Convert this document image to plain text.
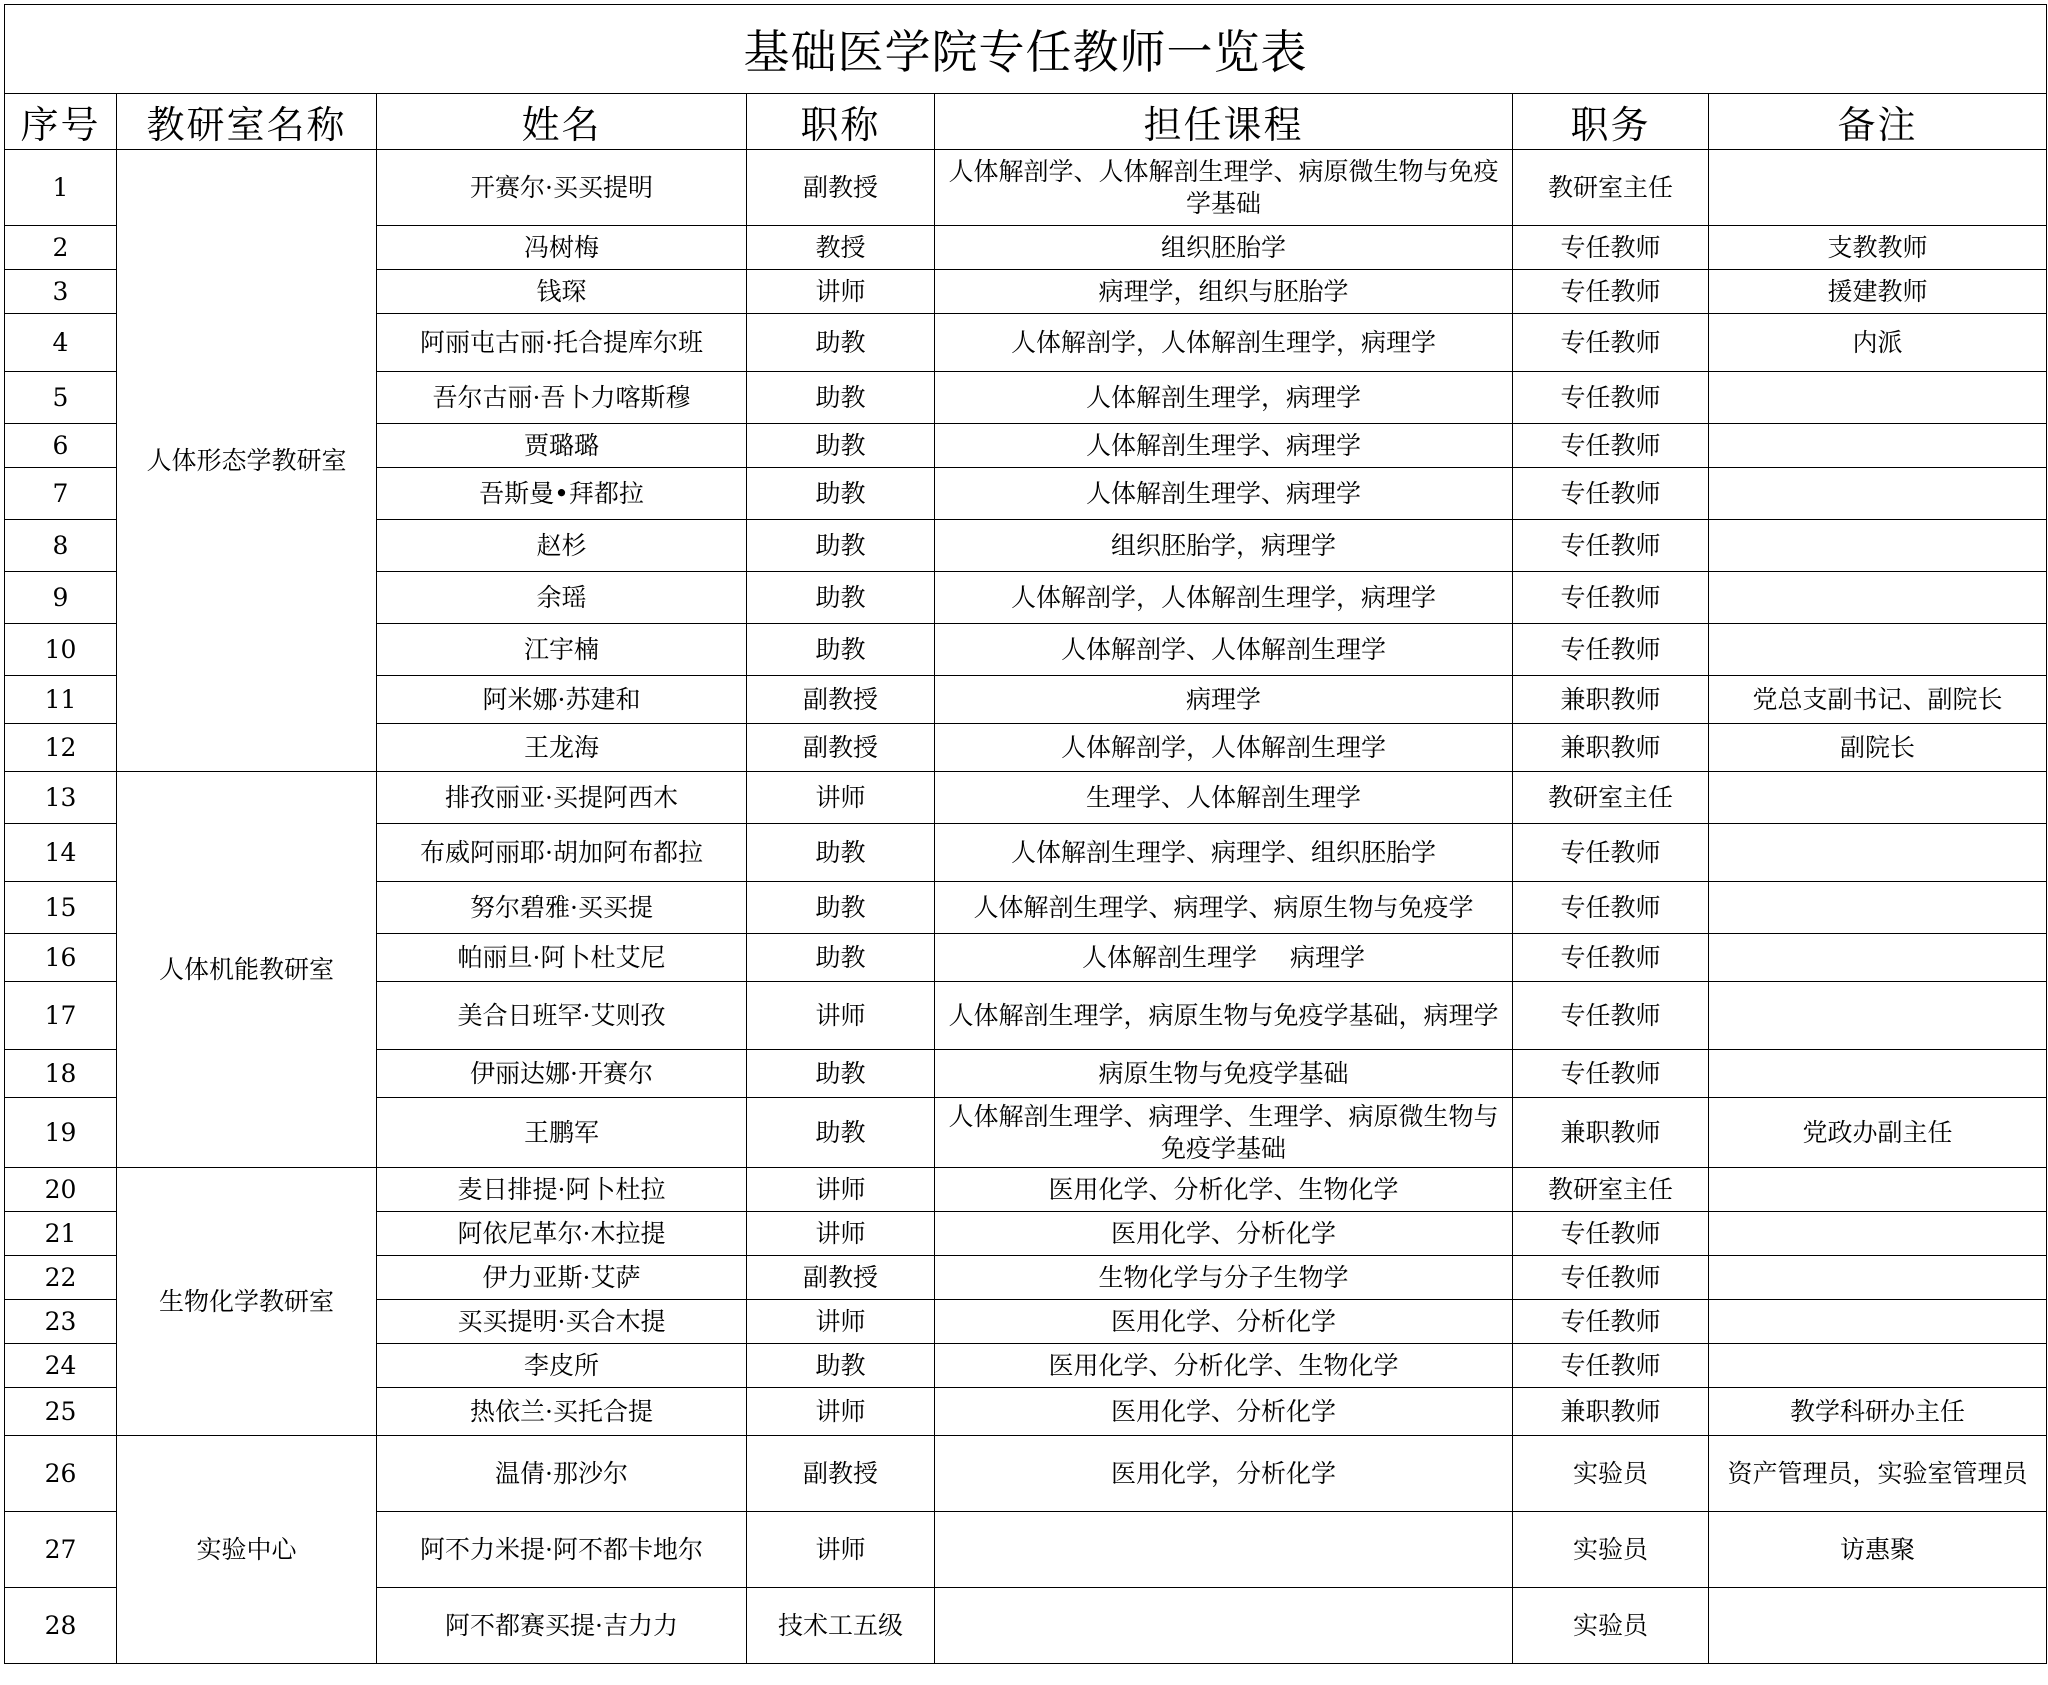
基础医学院专任教师一览表						
序号	教研室名称	姓名	职称	担任课程	职务	备注
1	人体形态学教研室	开赛尔·买买提明	副教授	人体解剖学、人体解剖生理学、病原微生物与免疫学基础	教研室主任	
2		冯树梅	教授	组织胚胎学	专任教师	支教教师
3		钱琛	讲师	病理学，组织与胚胎学	专任教师	援建教师
4		阿丽屯古丽·托合提库尔班	助教	人体解剖学，人体解剖生理学，病理学	专任教师	内派
5		吾尔古丽·吾卜力喀斯穆	助教	人体解剖生理学，病理学	专任教师	
6		贾璐璐	助教	人体解剖生理学、病理学	专任教师	
7		吾斯曼•拜都拉	助教	人体解剖生理学、病理学	专任教师	
8		赵杉	助教	组织胚胎学，病理学	专任教师	
9		余瑶	助教	人体解剖学，人体解剖生理学，病理学	专任教师	
10		江宇楠	助教	人体解剖学、人体解剖生理学	专任教师	
11		阿米娜·苏建和	副教授	病理学	兼职教师	党总支副书记、副院长
12		王龙海	副教授	人体解剖学，人体解剖生理学	兼职教师	副院长
13	人体机能教研室	排孜丽亚·买提阿西木	讲师	生理学、人体解剖生理学	教研室主任	
14		布威阿丽耶·胡加阿布都拉	助教	人体解剖生理学、病理学、组织胚胎学	专任教师	
15		努尔碧雅·买买提	助教	人体解剖生理学、病理学、病原生物与免疫学	专任教师	
16		帕丽旦·阿卜杜艾尼	助教	人体解剖生理学　 病理学	专任教师	
17		美合日班罕·艾则孜	讲师	人体解剖生理学，病原生物与免疫学基础，病理学	专任教师	
18		伊丽达娜·开赛尔	助教	病原生物与免疫学基础	专任教师	
19		王鹏军	助教	人体解剖生理学、病理学、生理学、病原微生物与免疫学基础	兼职教师	党政办副主任
20	生物化学教研室	麦日排提·阿卜杜拉	讲师	医用化学、分析化学、生物化学	教研室主任	
21		阿依尼革尔·木拉提	讲师	医用化学、分析化学	专任教师	
22		伊力亚斯·艾萨	副教授	生物化学与分子生物学	专任教师	
23		买买提明·买合木提	讲师	医用化学、分析化学	专任教师	
24		李皮所	助教	医用化学、分析化学、生物化学	专任教师	
25		热依兰·买托合提	讲师	医用化学、分析化学	兼职教师	教学科研办主任
26	实验中心	温倩·那沙尔	副教授	医用化学，分析化学	实验员	资产管理员，实验室管理员
27		阿不力米提·阿不都卡地尔	讲师		实验员	访惠聚
28		阿不都赛买提·吉力力	技术工五级		实验员	
